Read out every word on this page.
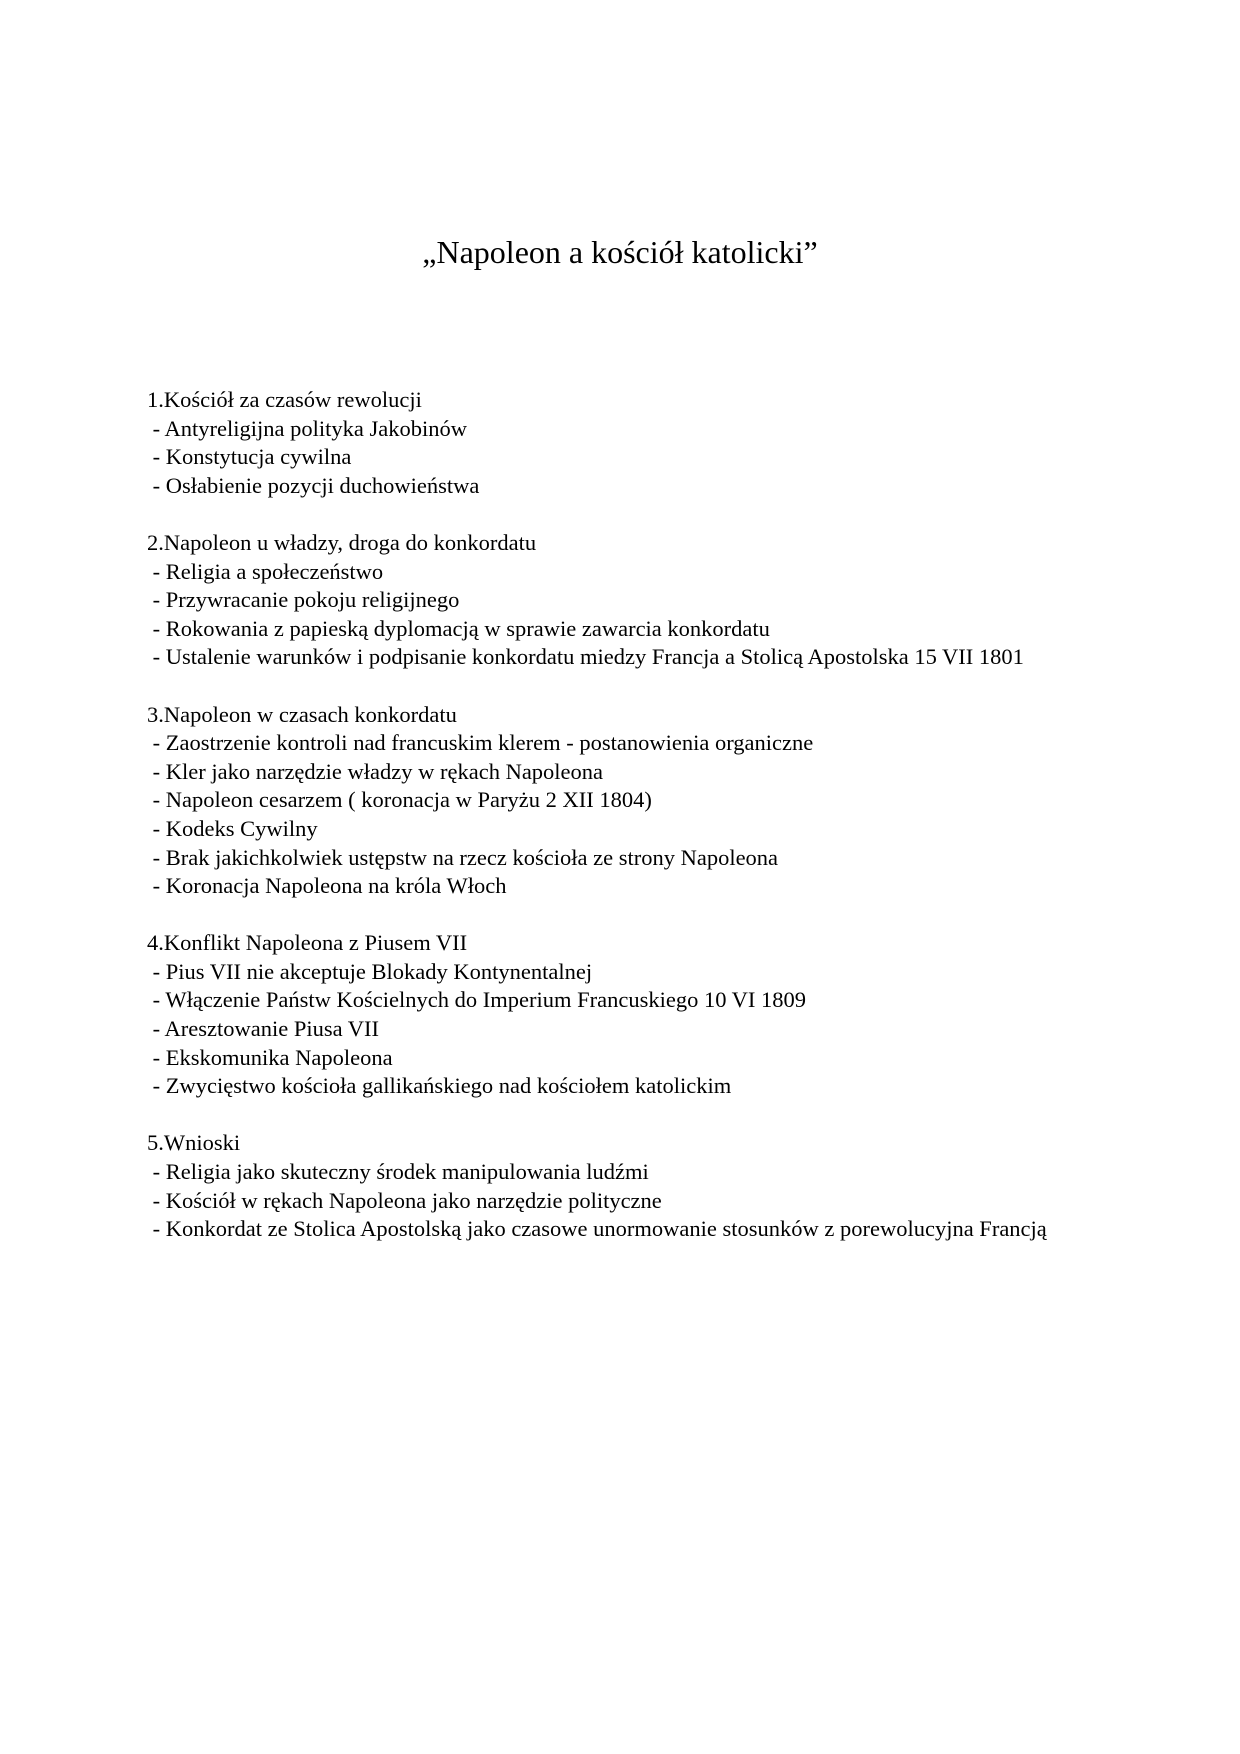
„Napoleon a kościół katolicki”
1.Kościół za czasów rewolucji
- Antyreligijna polityka Jakobinów
- Konstytucja cywilna
- Osłabienie pozycji duchowieństwa
2.Napoleon u władzy, droga do konkordatu
- Religia a społeczeństwo
- Przywracanie pokoju religijnego
- Rokowania z papieską dyplomacją w sprawie zawarcia konkordatu
- Ustalenie warunków i podpisanie konkordatu miedzy Francja a Stolicą Apostolska 15 VII 1801
3.Napoleon w czasach konkordatu
- Zaostrzenie kontroli nad francuskim klerem - postanowienia organiczne
- Kler jako narzędzie władzy w rękach Napoleona
- Napoleon cesarzem ( koronacja w Paryżu 2 XII 1804)
- Kodeks Cywilny
- Brak jakichkolwiek ustępstw na rzecz kościoła ze strony Napoleona
- Koronacja Napoleona na króla Włoch
4.Konflikt Napoleona z Piusem VII
- Pius VII nie akceptuje Blokady Kontynentalnej
- Włączenie Państw Kościelnych do Imperium Francuskiego 10 VI 1809
- Aresztowanie Piusa VII
- Ekskomunika Napoleona
- Zwycięstwo kościoła gallikańskiego nad kościołem katolickim
5.Wnioski
- Religia jako skuteczny środek manipulowania ludźmi
- Kościół w rękach Napoleona jako narzędzie polityczne
- Konkordat ze Stolica Apostolską jako czasowe unormowanie stosunków z porewolucyjna Francją
